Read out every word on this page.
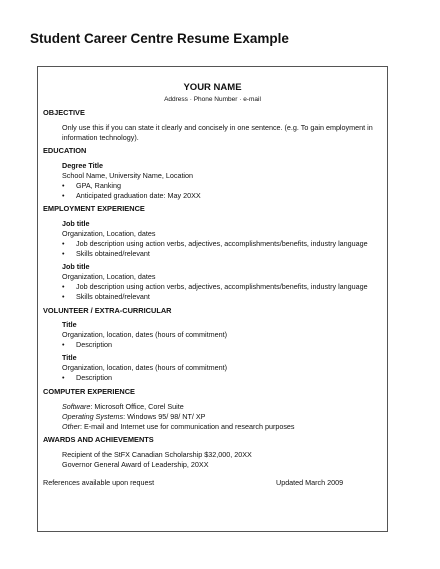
Student Career Centre Resume Example
YOUR NAME
Address · Phone Number · e-mail
OBJECTIVE
Only use this if you can state it clearly and concisely in one sentence. (e.g. To gain employment in
information technology).
EDUCATION
Degree Title
School Name, University Name, Location
• GPA, Ranking
• Anticipated graduation date: May 20XX
EMPLOYMENT EXPERIENCE
Job title
Organization, Location, dates
• Job description using action verbs, adjectives, accomplishments/benefits, industry language
• Skills obtained/relevant
Job title
Organization, Location, dates
• Job description using action verbs, adjectives, accomplishments/benefits, industry language
• Skills obtained/relevant
VOLUNTEER / EXTRA-CURRICULAR
Title
Organization, location, dates (hours of commitment)
• Description
Title
Organization, location, dates (hours of commitment)
• Description
COMPUTER EXPERIENCE
Software: Microsoft Office, Corel Suite
Operating Systems: Windows 95/ 98/ NT/ XP
Other: E-mail and Internet use for communication and research purposes
AWARDS AND ACHIEVEMENTS
Recipient of the StFX Canadian Scholarship $32,000, 20XX
Governor General Award of Leadership, 20XX
References available upon request	Updated March 2009
